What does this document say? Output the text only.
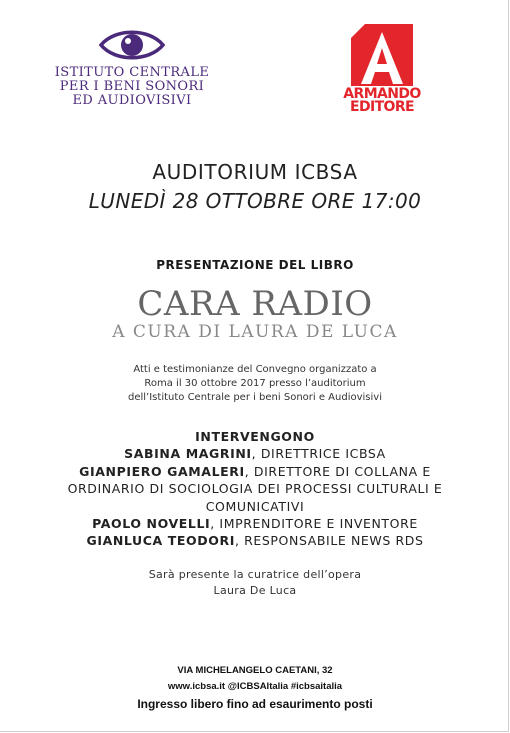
ISTITUTO CENTRALE
PER I BENI SONORI
ED AUDIOVISIVI	ARMANDO
EDITORE
AUDITORIUM ICBSA
LUNEDÌ 28 OTTOBRE ORE 17:00
PRESENTAZIONE DEL LIBRO
CARA RADIO
A CURA DI LAURA DE LUCA
Atti e testimonianze del Convegno organizzato a
Roma il 30 ottobre 2017 presso l’auditorium
dell’Istituto Centrale per i beni Sonori e Audiovisivi
INTERVENGONO
SABINA MAGRINI, DIRETTRICE ICBSA
GIANPIERO GAMALERI, DIRETTORE DI COLLANA E
ORDINARIO DI SOCIOLOGIA DEI PROCESSI CULTURALI E
COMUNICATIVI
PAOLO NOVELLI, IMPRENDITORE E INVENTORE
GIANLUCA TEODORI, RESPONSABILE NEWS RDS
Sarà presente la curatrice dell’opera
Laura De Luca
VIA MICHELANGELO CAETANI, 32
www.icbsa.it @ICBSAItalia #icbsaitalia
Ingresso libero fino ad esaurimento posti
